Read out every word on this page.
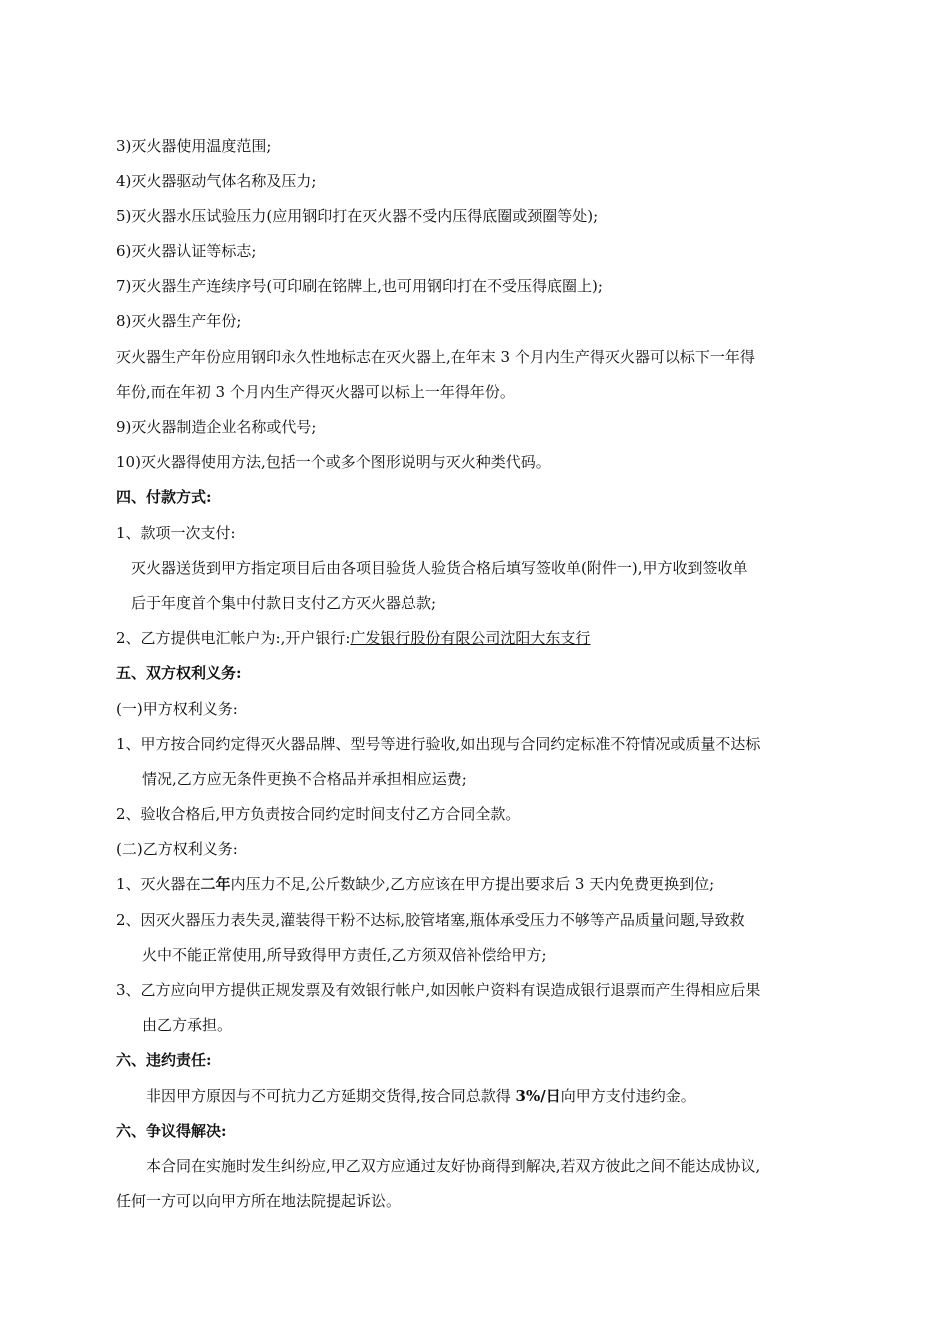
3)灭火器使用温度范围;
4)灭火器驱动气体名称及压力;
5)灭火器水压试验压力(应用钢印打在灭火器不受内压得底圈或颈圈等处);
6)灭火器认证等标志;
7)灭火器生产连续序号(可印刷在铭牌上,也可用钢印打在不受压得底圈上);
8)灭火器生产年份;
灭火器生产年份应用钢印永久性地标志在灭火器上,在年末 3 个月内生产得灭火器可以标下一年得
年份,而在年初 3 个月内生产得灭火器可以标上一年得年份。
9)灭火器制造企业名称或代号;
10)灭火器得使用方法,包括一个或多个图形说明与灭火种类代码。
四、付款方式:
1、款项一次支付:
灭火器送货到甲方指定项目后由各项目验货人验货合格后填写签收单(附件一),甲方收到签收单
后于年度首个集中付款日支付乙方灭火器总款;
2、乙方提供电汇帐户为:,开户银行:广发银行股份有限公司沈阳大东支行
五、双方权利义务:
(一)甲方权利义务:
1、甲方按合同约定得灭火器品牌、型号等进行验收,如出现与合同约定标准不符情况或质量不达标
情况,乙方应无条件更换不合格品并承担相应运费;
2、验收合格后,甲方负责按合同约定时间支付乙方合同全款。
(二)乙方权利义务:
1、灭火器在二年内压力不足,公斤数缺少,乙方应该在甲方提出要求后 3 天内免费更换到位;
2、因灭火器压力表失灵,灌装得干粉不达标,胶管堵塞,瓶体承受压力不够等产品质量问题,导致救
火中不能正常使用,所导致得甲方责任,乙方须双倍补偿给甲方;
3、乙方应向甲方提供正规发票及有效银行帐户,如因帐户资料有误造成银行退票而产生得相应后果
由乙方承担。
六、违约责任:
非因甲方原因与不可抗力乙方延期交货得,按合同总款得 3%/日向甲方支付违约金。
六、争议得解决:
本合同在实施时发生纠纷应,甲乙双方应通过友好协商得到解决,若双方彼此之间不能达成协议,
任何一方可以向甲方所在地法院提起诉讼。
